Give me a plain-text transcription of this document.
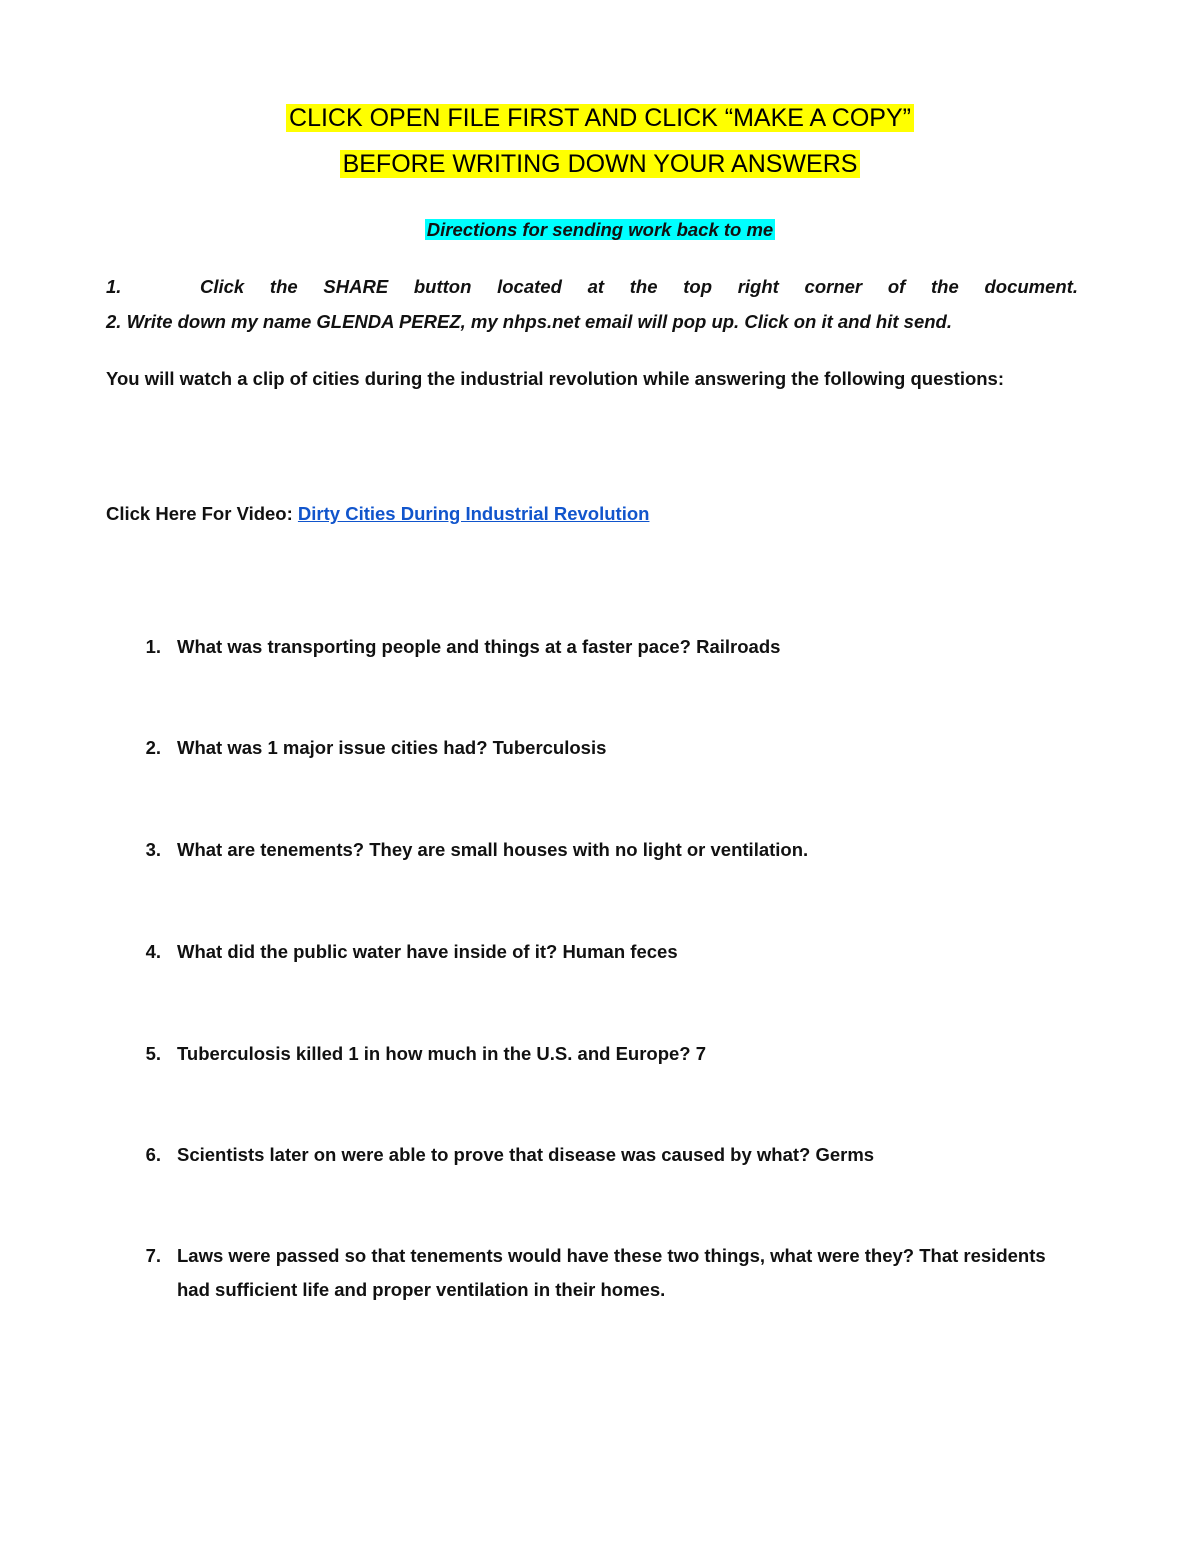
CLICK OPEN FILE FIRST AND CLICK “MAKE A COPY”
BEFORE WRITING DOWN YOUR ANSWERS
Directions for sending work back to me
1.	Click the SHARE button located at the top right corner of the document.
2. Write down my name GLENDA PEREZ, my nhps.net email will pop up. Click on it and hit send.
You will watch a clip of cities during the industrial revolution while answering the following questions:
Click Here For Video: Dirty Cities During Industrial Revolution
1. What was transporting people and things at a faster pace? Railroads
2. What was 1 major issue cities had? Tuberculosis
3. What are tenements? They are small houses with no light or ventilation.
4. What did the public water have inside of it? Human feces
5. Tuberculosis killed 1 in how much in the U.S. and Europe? 7
6. Scientists later on were able to prove that disease was caused by what? Germs
7. Laws were passed so that tenements would have these two things, what were they? That residents had sufficient life and proper ventilation in their homes.
